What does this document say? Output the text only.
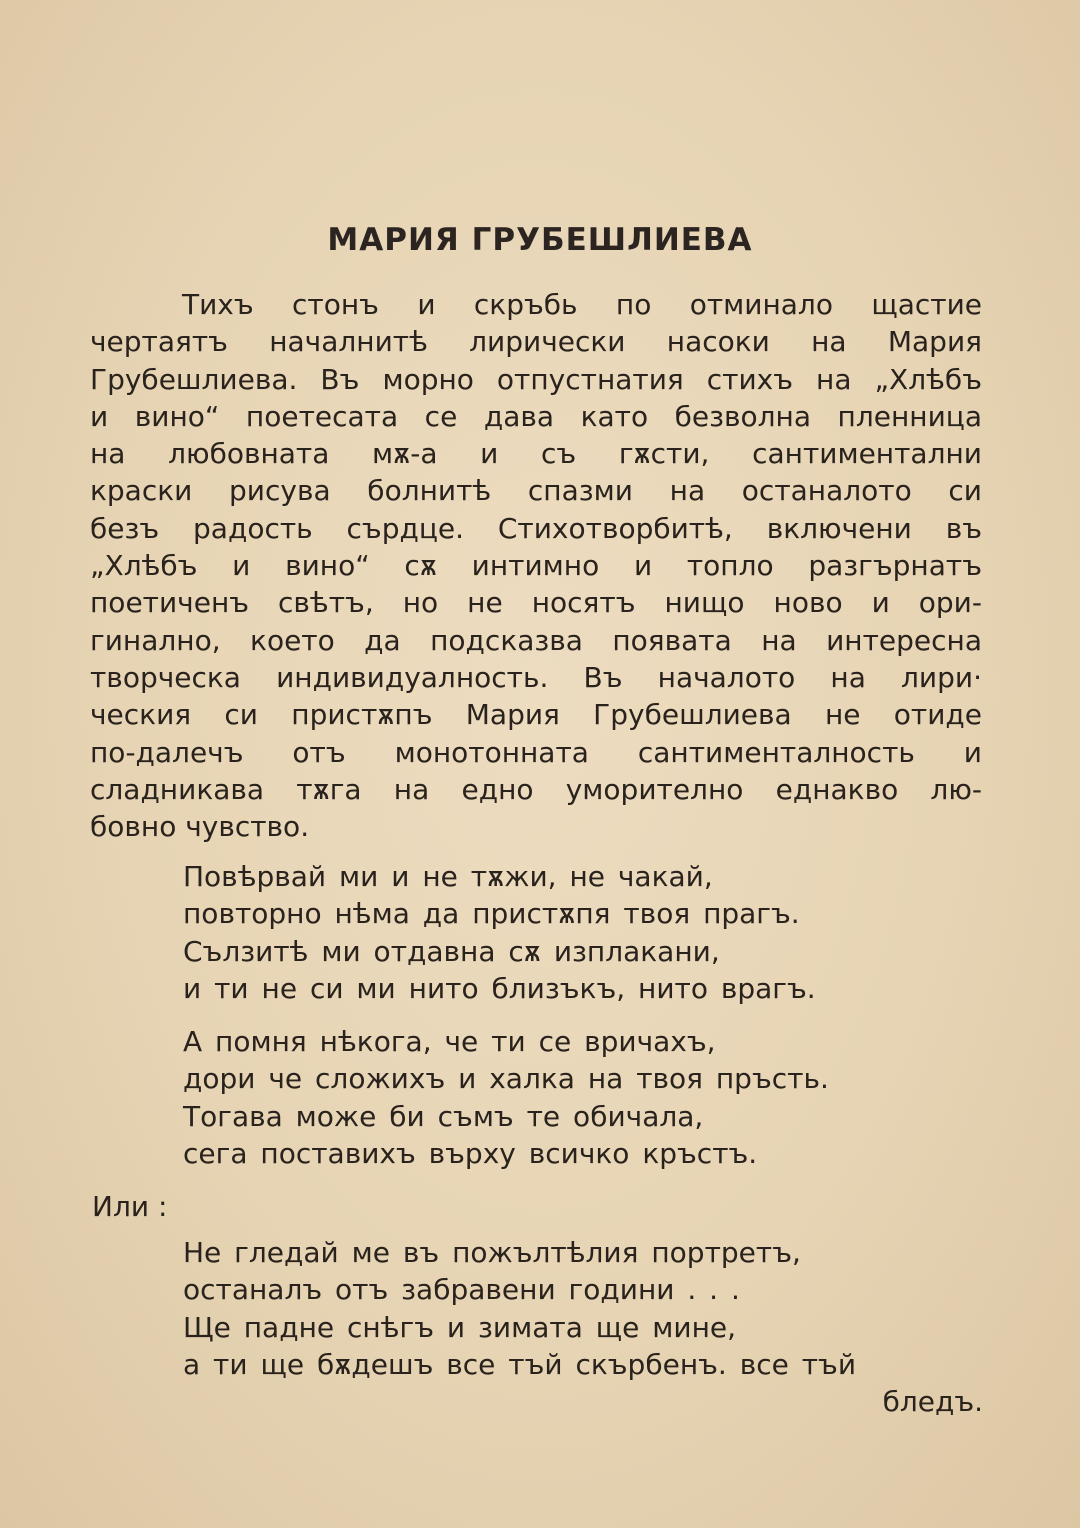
МАРИЯ ГРУБЕШЛИЕВА
Тихъ стонъ и скръбь по отминало щастие
чертаятъ началнитѣ лирически насоки на Мария
Грубешлиева. Въ морно отпустнатия стихъ на „Хлѣбъ
и вино“ поетесата се дава като безволна пленница
на любовната мѫ-а и съ гѫсти, сантиментални
краски рисува болнитѣ спазми на останалото си
безъ радость сърдце. Стихотворбитѣ, включени въ
„Хлѣбъ и вино“ сѫ интимно и топло разгърнатъ
поетиченъ свѣтъ, но не носятъ нищо ново и ори-
гинално, което да подсказва появата на интересна
творческа индивидуалность. Въ началото на лири·
ческия си пристѫпъ Мария Грубешлиева не отиде
по-далечъ отъ монотонната сантименталность и
сладникава тѫга на едно уморително еднакво лю-
бовно чувство.
Повѣрвай ми и не тѫжи, не чакай,
повторно нѣма да пристѫпя твоя прагъ.
Сълзитѣ ми отдавна сѫ изплакани,
и ти не си ми нито близъкъ, нито врагъ.
А помня нѣкога, че ти се вричахъ,
дори че сложихъ и халка на твоя пръсть.
Тогава може би съмъ те обичала,
сега поставихъ върху всичко кръстъ.
Или :
Не гледай ме въ пожълтѣлия портретъ,
останалъ отъ забравени години . . .
Ще падне снѣгъ и зимата ще мине,
а ти ще бѫдешъ все тъй скърбенъ. все тъй
бледъ.
